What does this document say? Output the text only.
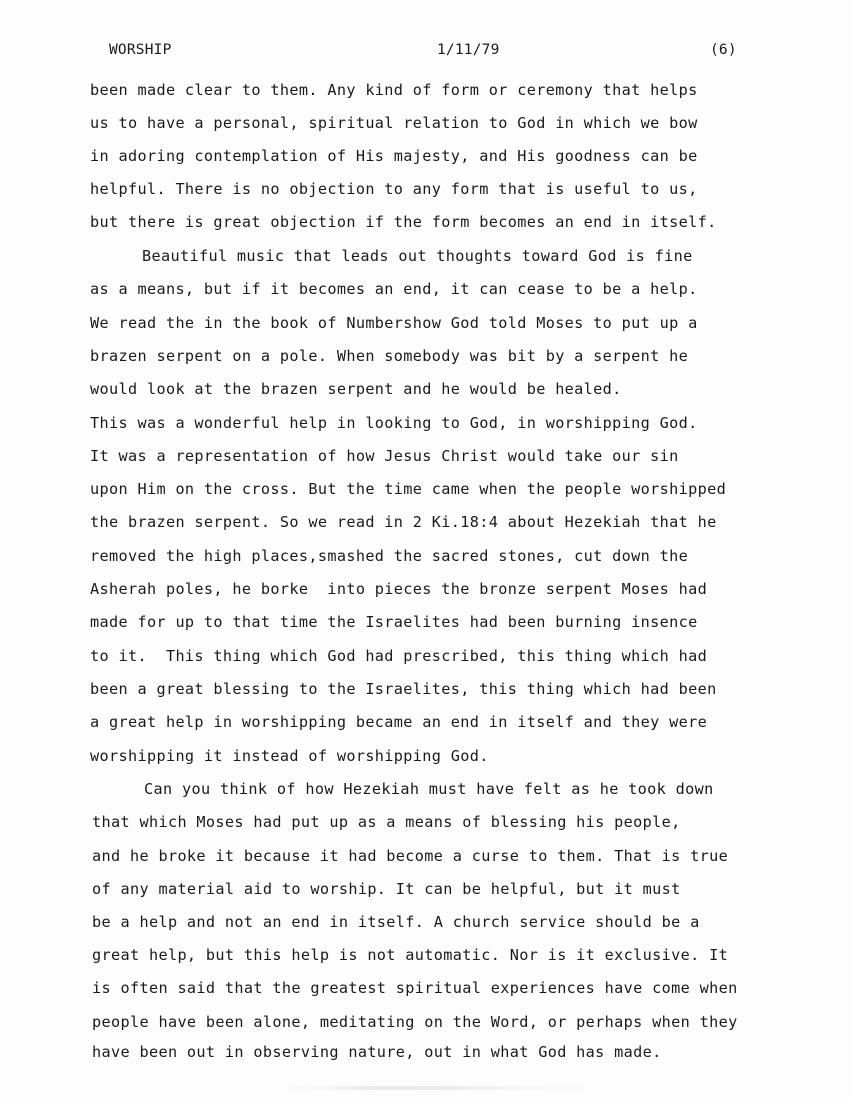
WORSHIP	1/11/79	(6)
been made clear to them. Any kind of form or ceremony that helps
us to have a personal, spiritual relation to God in which we bow
in adoring contemplation of His majesty, and His goodness can be
helpful. There is no objection to any form that is useful to us,
but there is great objection if the form becomes an end in itself.
Beautiful music that leads out thoughts toward God is fine
as a means, but if it becomes an end, it can cease to be a help.
We read the in the book of Numbershow God told Moses to put up a
brazen serpent on a pole. When somebody was bit by a serpent he
would look at the brazen serpent and he would be healed.
This was a wonderful help in looking to God, in worshipping God.
It was a representation of how Jesus Christ would take our sin
upon Him on the cross. But the time came when the people worshipped
the brazen serpent. So we read in 2 Ki.18:4 about Hezekiah that he
removed the high places,smashed the sacred stones, cut down the
Asherah poles, he borke  into pieces the bronze serpent Moses had
made for up to that time the Israelites had been burning insence
to it.  This thing which God had prescribed, this thing which had
been a great blessing to the Israelites, this thing which had been
a great help in worshipping became an end in itself and they were
worshipping it instead of worshipping God.
Can you think of how Hezekiah must have felt as he took down
that which Moses had put up as a means of blessing his people,
and he broke it because it had become a curse to them. That is true
of any material aid to worship. It can be helpful, but it must
be a help and not an end in itself. A church service should be a
great help, but this help is not automatic. Nor is it exclusive. It
is often said that the greatest spiritual experiences have come when
people have been alone, meditating on the Word, or perhaps when they
have been out in observing nature, out in what God has made.
